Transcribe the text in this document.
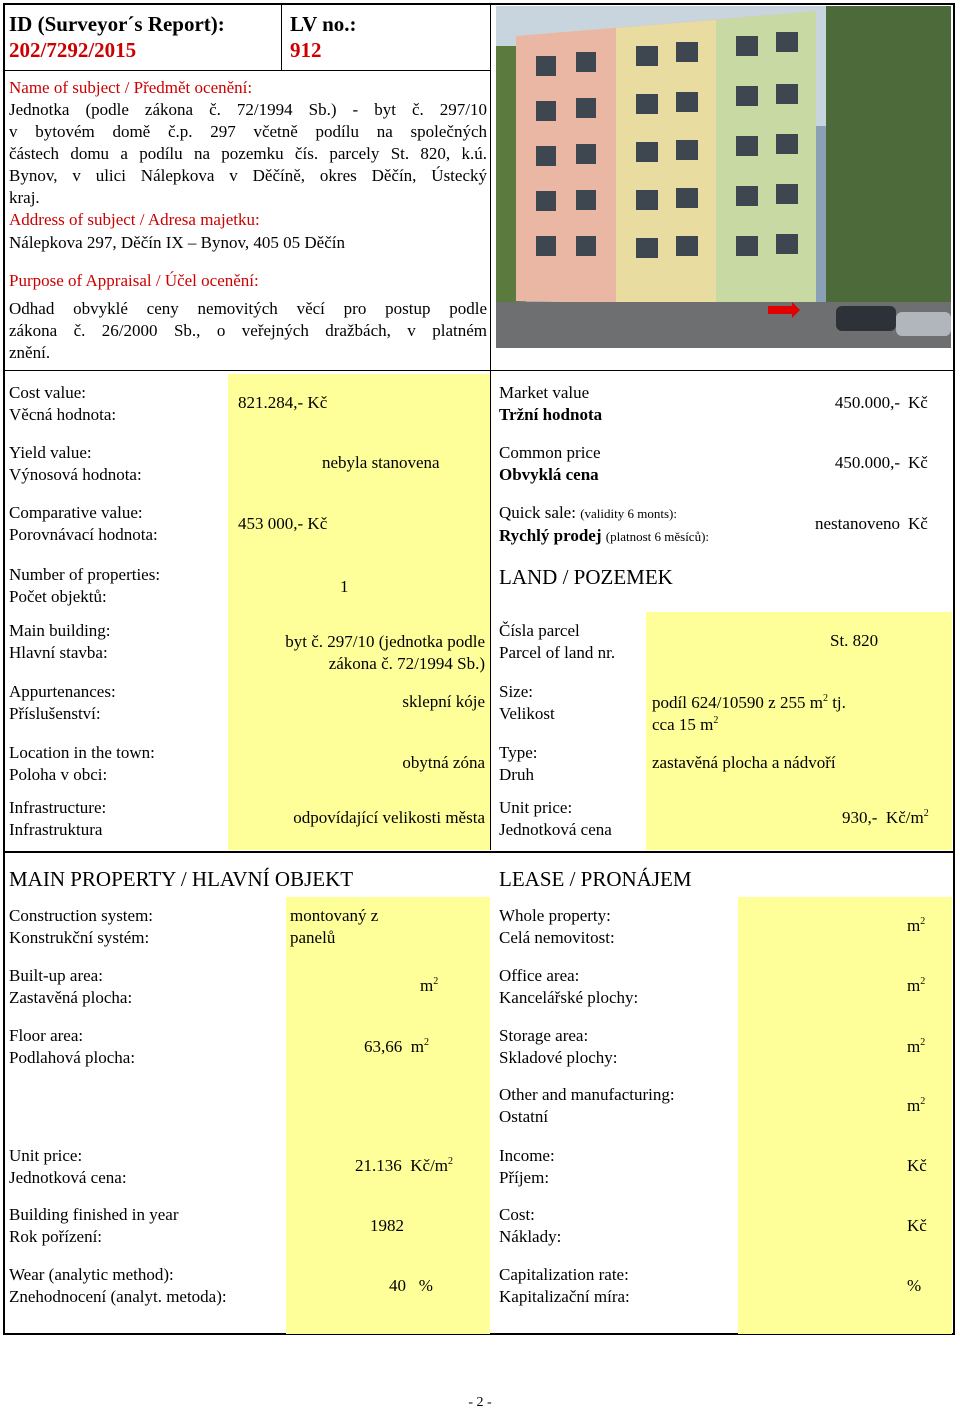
ID (Surveyor´s Report):
202/7292/2015
LV no.:
912
Name of subject / Předmět ocenění:
Jednotka (podle zákona č. 72/1994 Sb.) - byt č. 297/10
v bytovém domě č.p. 297 včetně podílu na společných
částech domu a podílu na pozemku čís. parcely St. 820, k.ú.
Bynov, v ulici Nálepkova v Děčíně, okres Děčín, Ústecký
kraj.
Address of subject / Adresa majetku:
Nálepkova 297, Děčín IX – Bynov, 405 05 Děčín
Purpose of Appraisal / Účel ocenění:
Odhad obvyklé ceny nemovitých věcí pro postup podle
zákona č. 26/2000 Sb., o veřejných dražbách, v platném
znění.
Cost value:
Věcná hodnota:
821.284,- Kč
Yield value:
Výnosová hodnota:
nebyla stanovena
Comparative value:
Porovnávací hodnota:
453 000,- Kč
Market value
Tržní hodnota
450.000,- Kč
Common price
Obvyklá cena
450.000,- Kč
Quick sale: (validity 6 monts):
Rychlý prodej (platnost 6 měsíců):
nestanoveno Kč
Number of properties:
Počet objektů:
1
Main building:
Hlavní stavba:
byt č. 297/10 (jednotka podle
zákona č. 72/1994 Sb.)
Appurtenances:
Příslušenství:
sklepní kóje
Location in the town:
Poloha v obci:
obytná zóna
Infrastructure:
Infrastruktura
odpovídající velikosti města
LAND / POZEMEK
Čísla parcel
Parcel of land nr.
St. 820
Size:
Velikost
podíl 624/10590 z 255 $m^2$ tj.
cca 15 $m^2$
Type:
Druh
zastavěná plocha a nádvoří
Unit price:
Jednotková cena
930,- $Kč/m^2$
MAIN PROPERTY / HLAVNÍ OBJEKT
Construction system:
Konstrukční systém:
montovaný z
panelů
Built-up area:
Zastavěná plocha:
$m^2$
Floor area:
Podlahová plocha:
63,66 $m^2$
Unit price:
Jednotková cena:
21.136 $Kč/m^2$
Building finished in year
Rok pořízení:
1982
Wear (analytic method):
Znehodnocení (analyt. metoda):
40 %
LEASE / PRONÁJEM
Whole property:
Celá nemovitost:
$m^2$
Office area:
Kancelářské plochy:
$m^2$
Storage area:
Skladové plochy:
$m^2$
Other and manufacturing:
Ostatní
$m^2$
Income:
Příjem:
Kč
Cost:
Náklady:
Kč
Capitalization rate:
Kapitalizační míra:
%
- 2 -
